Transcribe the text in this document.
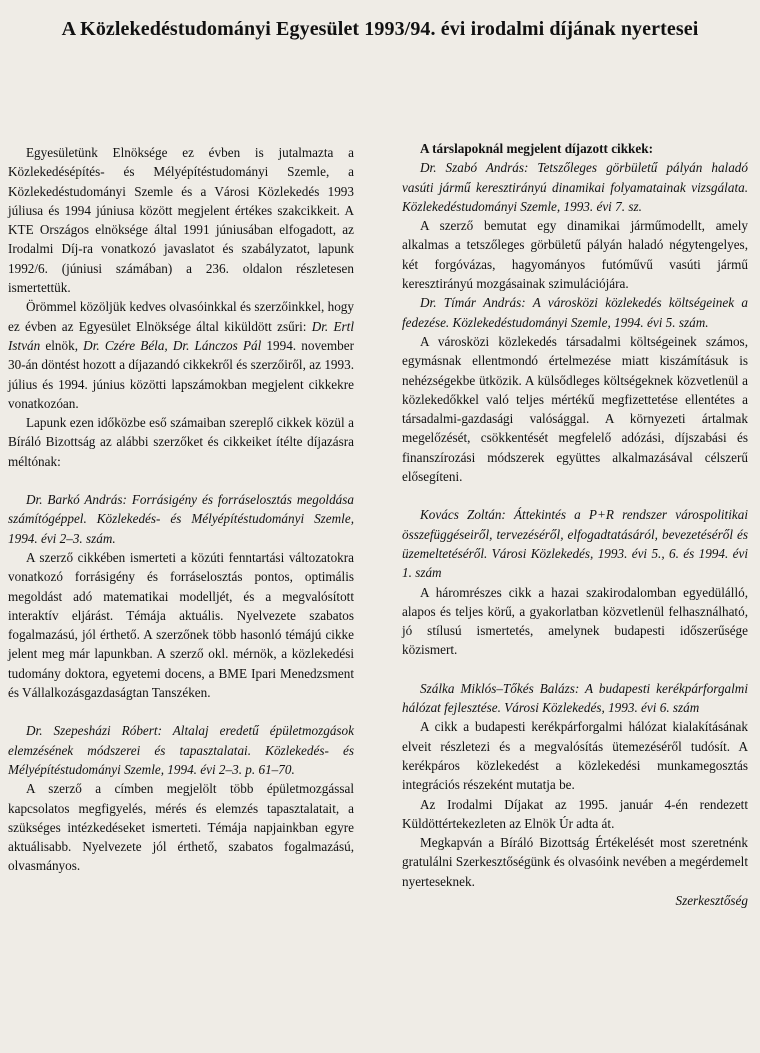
A Közlekedéstudományi Egyesület 1993/94. évi irodalmi díjának nyertesei

Egyesületünk Elnöksége ez évben is jutalmazta a Közlekedésépítés- és Mélyépítéstudományi Szemle, a Közlekedéstudományi Szemle és a Városi Közlekedés 1993 júliusa és 1994 júniusa között megjelent értékes szakcikkeit. A KTE Országos elnöksége által 1991 júniusában elfogadott, az Irodalmi Díj-ra vonatkozó javaslatot és szabályzatot, lapunk 1992/6. (júniusi számában) a 236. oldalon részletesen ismertettük.

Örömmel közöljük kedves olvasóinkkal és szerzőinkkel, hogy ez évben az Egyesület Elnöksége által kiküldött zsűri: Dr. Ertl István elnök, Dr. Czére Béla, Dr. Lánczos Pál 1994. november 30-án döntést hozott a díjazandó cikkekről és szerzőiről, az 1993. július és 1994. június közötti lapszámokban megjelent cikkekre vonatkozóan.

Lapunk ezen időközbe eső számaiban szereplő cikkek közül a Bíráló Bizottság az alábbi szerzőket és cikkeiket ítélte díjazásra méltónak:

Dr. Barkó András: Forrásigény és forráselosztás megoldása számítógéppel. Közlekedés- és Mélyépítéstudományi Szemle, 1994. évi 2–3. szám.

A szerző cikkében ismerteti a közúti fenntartási változatokra vonatkozó forrásigény és forráselosztás pontos, optimális megoldást adó matematikai modelljét, és a megvalósított interaktív eljárást. Témája aktuális. Nyelvezete szabatos fogalmazású, jól érthető. A szerzőnek több hasonló témájú cikke jelent meg már lapunkban. A szerző okl. mérnök, a közlekedési tudomány doktora, egyetemi docens, a BME Ipari Menedzsment és Vállalkozásgazdaságtan Tanszéken.

Dr. Szepesházi Róbert: Altalaj eredetű épületmozgások elemzésének módszerei és tapasztalatai. Közlekedés- és Mélyépítéstudományi Szemle, 1994. évi 2–3. p. 61–70.

A szerző a címben megjelölt több épületmozgással kapcsolatos megfigyelés, mérés és elemzés tapasztalatait, a szükséges intézkedéseket ismerteti. Témája napjainkban egyre aktuálisabb. Nyelvezete jól érthető, szabatos fogalmazású, olvasmányos.

A társlapoknál megjelent díjazott cikkek:

Dr. Szabó András: Tetszőleges görbületű pályán haladó vasúti jármű keresztirányú dinamikai folyamatainak vizsgálata. Közlekedéstudományi Szemle, 1993. évi 7. sz.

A szerző bemutat egy dinamikai járműmodellt, amely alkalmas a tetszőleges görbületű pályán haladó négytengelyes, két forgóvázas, hagyományos futóművű vasúti jármű keresztirányú mozgásainak szimulációjára.

Dr. Tímár András: A városközi közlekedés költségeinek a fedezése. Közlekedéstudományi Szemle, 1994. évi 5. szám.

A városközi közlekedés társadalmi költségeinek számos, egymásnak ellentmondó értelmezése miatt kiszámításuk is nehézségekbe ütközik. A külsődleges költségeknek közvetlenül a közlekedőkkel való teljes mértékű megfizettetése ellentétes a társadalmi-gazdasági valósággal. A környezeti ártalmak megelőzését, csökkentését megfelelő adózási, díjszabási és finanszírozási módszerek együttes alkalmazásával célszerű elősegíteni.

Kovács Zoltán: Áttekintés a P+R rendszer várospolitikai összefüggéseiről, tervezéséről, elfogadtatásáról, bevezetéséről és üzemeltetéséről. Városi Közlekedés, 1993. évi 5., 6. és 1994. évi 1. szám

A háromrészes cikk a hazai szakirodalomban egyedülálló, alapos és teljes körű, a gyakorlatban közvetlenül felhasználható, jó stílusú ismertetés, amelynek budapesti időszerűsége közismert.

Szálka Miklós–Tőkés Balázs: A budapesti kerékpárforgalmi hálózat fejlesztése. Városi Közlekedés, 1993. évi 6. szám

A cikk a budapesti kerékpárforgalmi hálózat kialakításának elveit részletezi és a megvalósítás ütemezéséről tudósít. A kerékpáros közlekedést a közlekedési munkamegosztás integrációs részeként mutatja be.

Az Irodalmi Díjakat az 1995. január 4-én rendezett Küldöttértekezleten az Elnök Úr adta át.

Megkapván a Bíráló Bizottság Értékelését most szeretnénk gratulálni Szerkesztőségünk és olvasóink nevében a megérdemelt nyerteseknek.

Szerkesztőség
